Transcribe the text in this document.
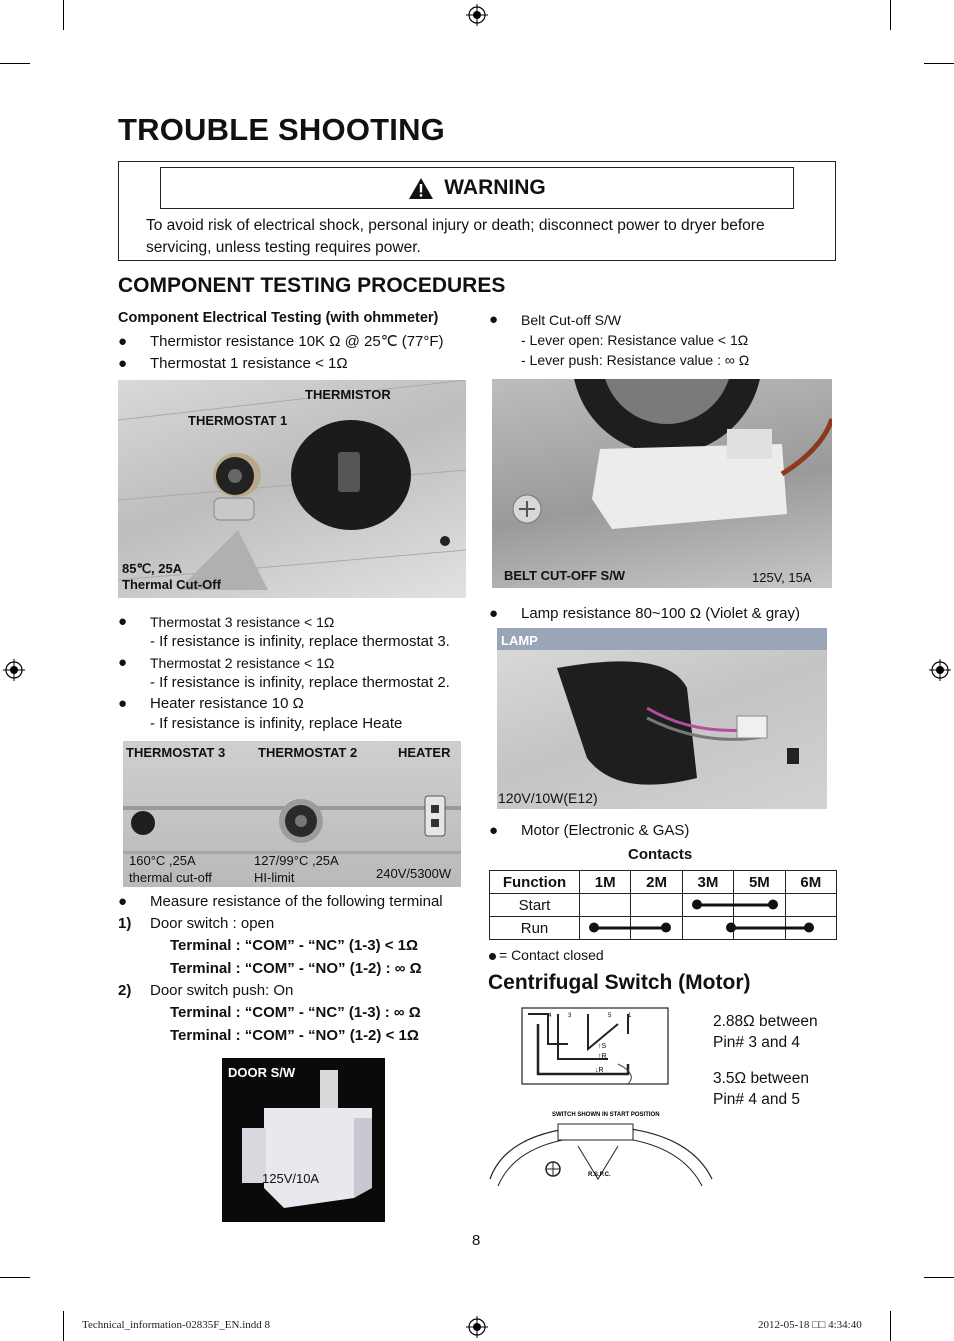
TROUBLE SHOOTING
WARNING
To avoid risk of electrical shock, personal injury or death; disconnect power to dryer before servicing, unless testing requires power.
COMPONENT TESTING PROCEDURES
Component Electrical Testing (with ohmmeter)
● Thermistor resistance 10K Ω @ 25℃ (77°F)
● Thermostat 1 resistance < 1Ω
THERMISTOR
THERMOSTAT 1
85℃, 25A
Thermal Cut-Off
● Thermostat 3 resistance < 1Ω
- If resistance is infinity, replace thermostat 3.
● Thermostat 2 resistance < 1Ω
- If resistance is infinity, replace thermostat 2.
● Heater resistance 10 Ω
- If resistance is infinity, replace Heate
THERMOSTAT 3	THERMOSTAT 2	HEATER
160°C ,25A
thermal cut-off
127/99°C ,25A
HI-limit	240V/5300W
● Measure resistance of the following terminal
1) Door switch : open
Terminal : “COM” - “NC” (1-3) < 1Ω
Terminal : “COM” - “NO” (1-2) : ∞ Ω
2) Door switch push: On
Terminal : “COM” - “NC” (1-3) : ∞ Ω
Terminal : “COM” - “NO” (1-2) < 1Ω
DOOR S/W
125V/10A
● Belt Cut-off S/W
- Lever open: Resistance value < 1Ω
- Lever push: Resistance value : ∞ Ω
BELT CUT-OFF S/W	125V, 15A
● Lamp resistance 80~100 Ω (Violet & gray)
LAMP
120V/10W(E12)
● Motor (Electronic & GAS)
Contacts
Function	1M	2M	3M	5M	6M
Start			

Run	

= Contact closed
Centrifugal Switch (Motor)
4	3	5	1
↑S
↑R
↓R
SWITCH SHOWN IN START POSITION
R.S.P.C.
2.88Ω between
Pin# 3 and 4
3.5Ω between
Pin# 4 and 5
8
Technical_information-02835F_EN.indd 8	2012-05-18 □□ 4:34:40
